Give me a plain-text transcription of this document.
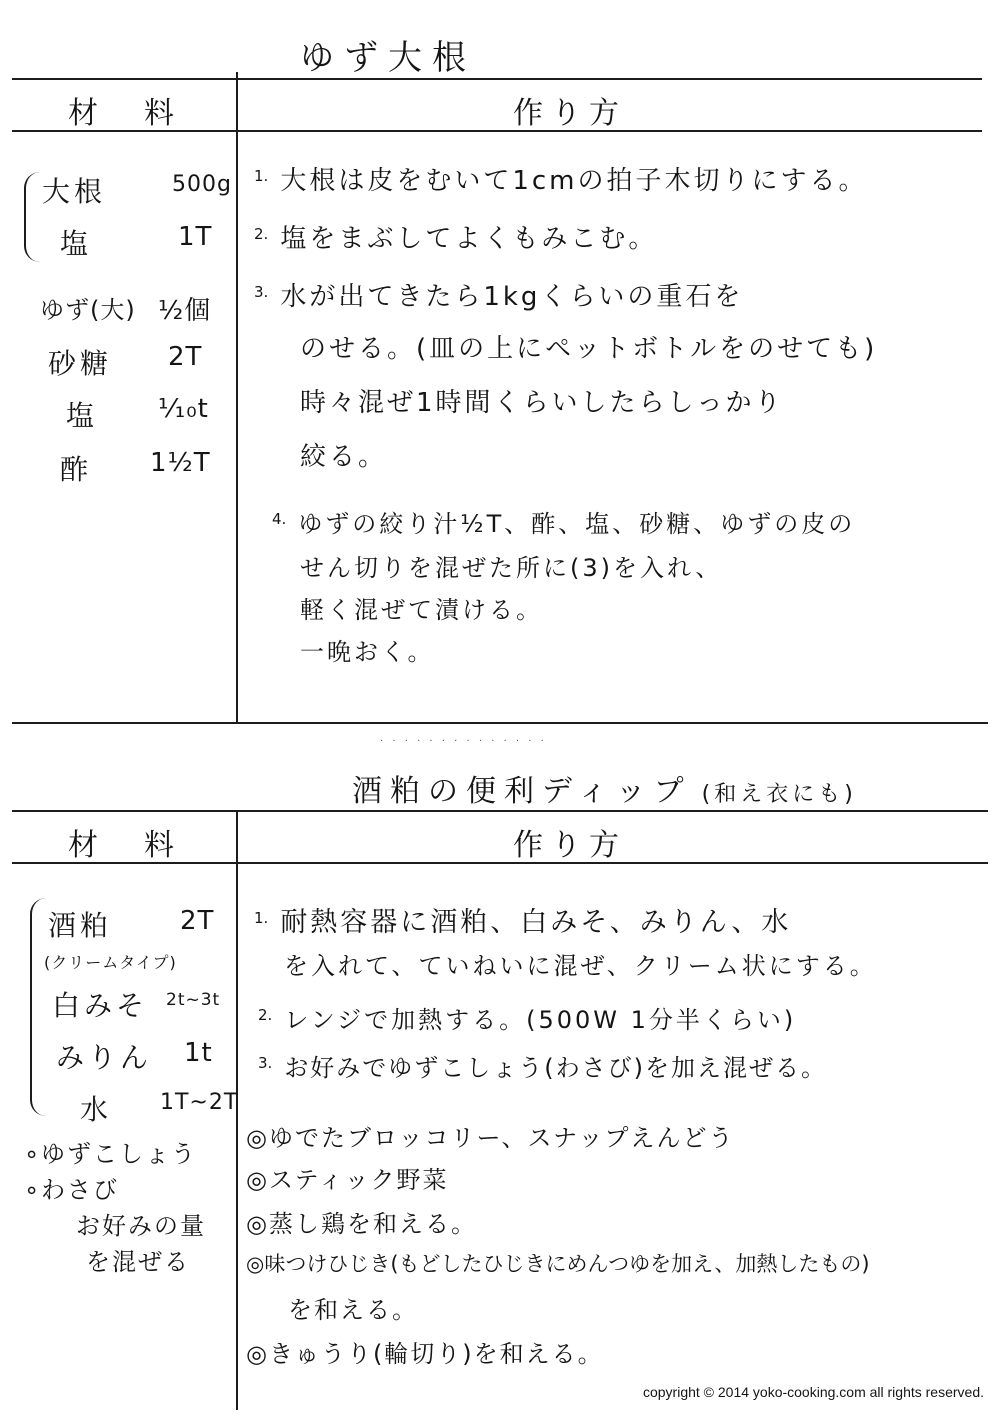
ゆず大根
材　料	作り方
大根	500g
塩	1T
ゆず(大) ½個
砂糖 2T
塩 ¹⁄₁₀t
酢 1½T
$^{1.}$ 大根は皮をむいて1cmの拍子木切りにする。
$^{2.}$ 塩をまぶしてよくもみこむ。
$^{3.}$ 水が出てきたら1kgくらいの重石を
のせる。(皿の上にペットボトルをのせても)
時々混ぜ1時間くらいしたらしっかり
絞る。
$^{4.}$ ゆずの絞り汁½T、酢、塩、砂糖、ゆずの皮の
せん切りを混ぜた所に(3)を入れ、
軽く混ぜて漬ける。
一晩おく。
· · · · · · · · · · · · · ·
酒粕の便利ディップ (和え衣にも)
材　料	作り方
酒粕	2T
(クリームタイプ)
白みそ 2t~3t
みりん 1t
水 1T~2T
∘ゆずこしょう
∘わさび
お好みの量
を混ぜる
$^{1.}$ 耐熱容器に酒粕、白みそ、みりん、水
を入れて、ていねいに混ぜ、クリーム状にする。
$^{2.}$ レンジで加熱する。(500W 1分半くらい)
$^{3.}$ お好みでゆずこしょう(わさび)を加え混ぜる。
◎ゆでたブロッコリー、スナップえんどう
◎スティック野菜
◎蒸し鶏を和える。
◎味つけひじき(もどしたひじきにめんつゆを加え、加熱したもの)
を和える。
◎きゅうり(輪切り)を和える。
copyright © 2014 yoko-cooking.com all rights reserved.
